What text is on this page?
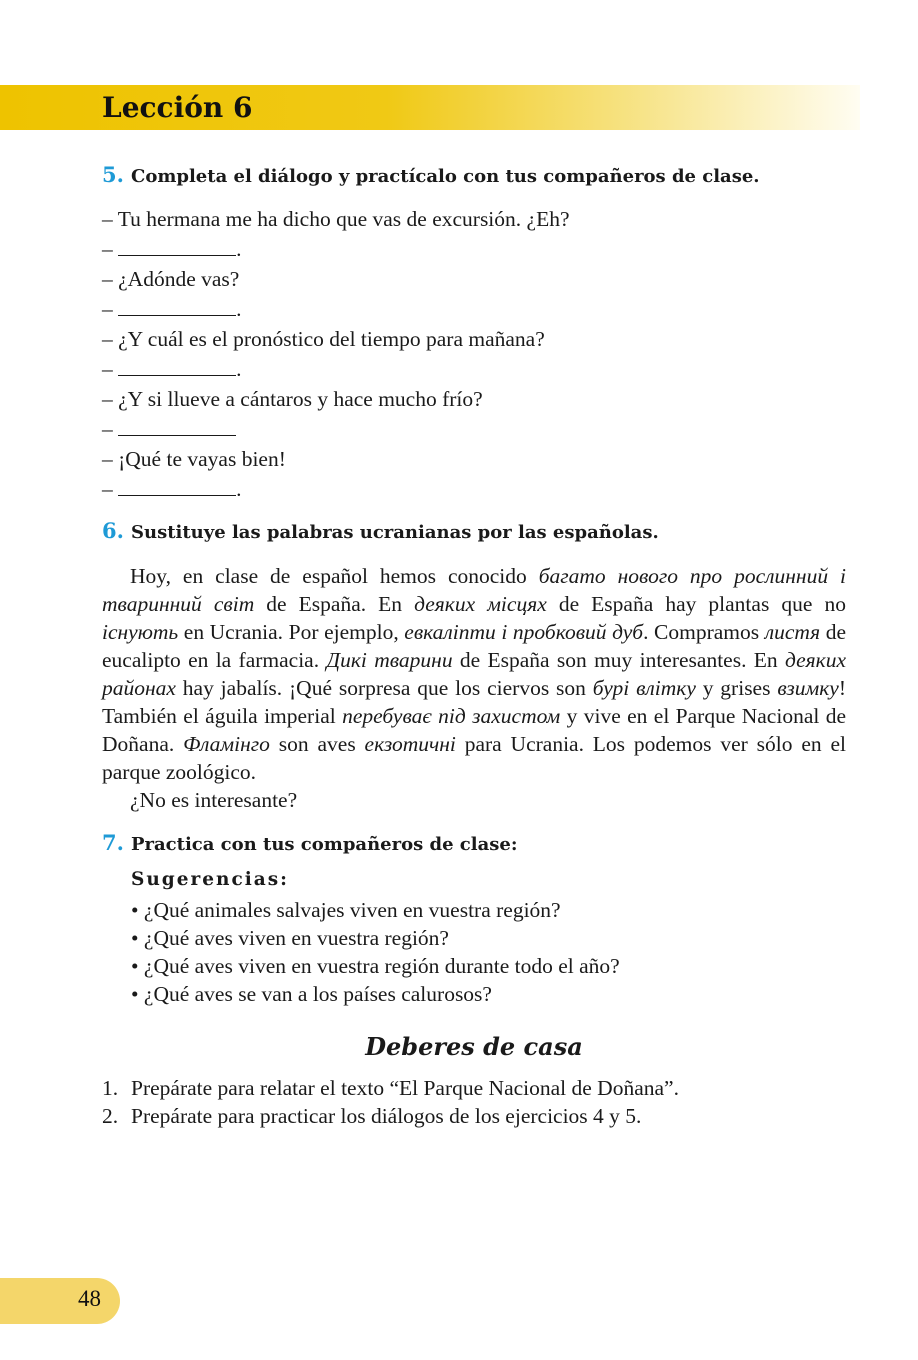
Lección 6
5. Completa el diálogo y practícalo con tus compañeros de clase.
– Tu hermana me ha dicho que vas de excursión. ¿Eh?
–	.
– ¿Adónde vas?
–	.
– ¿Y cuál es el pronóstico del tiempo para mañana?
–	.
– ¿Y si llueve a cántaros y hace mucho frío?
–
– ¡Qué te vayas bien!
–	.
6. Sustituye las palabras ucranianas por las españolas.

Hoy, en clase de español hemos conocido багато нового про рослинний і тваринний світ de España. En деяких місцях de España hay plantas que no існують en Ucrania. Por ejemplo, евкаліпти і пробковий дуб. Compramos листя de eucalipto en la farmacia. Дикі тварини de España son muy interesantes. En деяких районах hay jabalís. ¡Qué sorpresa que los ciervos son бурі влітку y grises взимку! También el águila imperial перебуває під захистом y vive en el Parque Nacional de Doñana. Фламінго son aves екзотичні para Ucrania. Los podemos ver sólo en el parque zoológico.

¿No es interesante?

7. Practica con tus compañeros de clase:
Sugerencias:
• ¿Qué animales salvajes viven en vuestra región?
• ¿Qué aves viven en vuestra región?
• ¿Qué aves viven en vuestra región durante todo el año?
• ¿Qué aves se van a los países calurosos?
Deberes de casa
1. Prepárate para relatar el texto “El Parque Nacional de Doñana”.
2. Prepárate para practicar los diálogos de los ejercicios 4 y 5.
48
